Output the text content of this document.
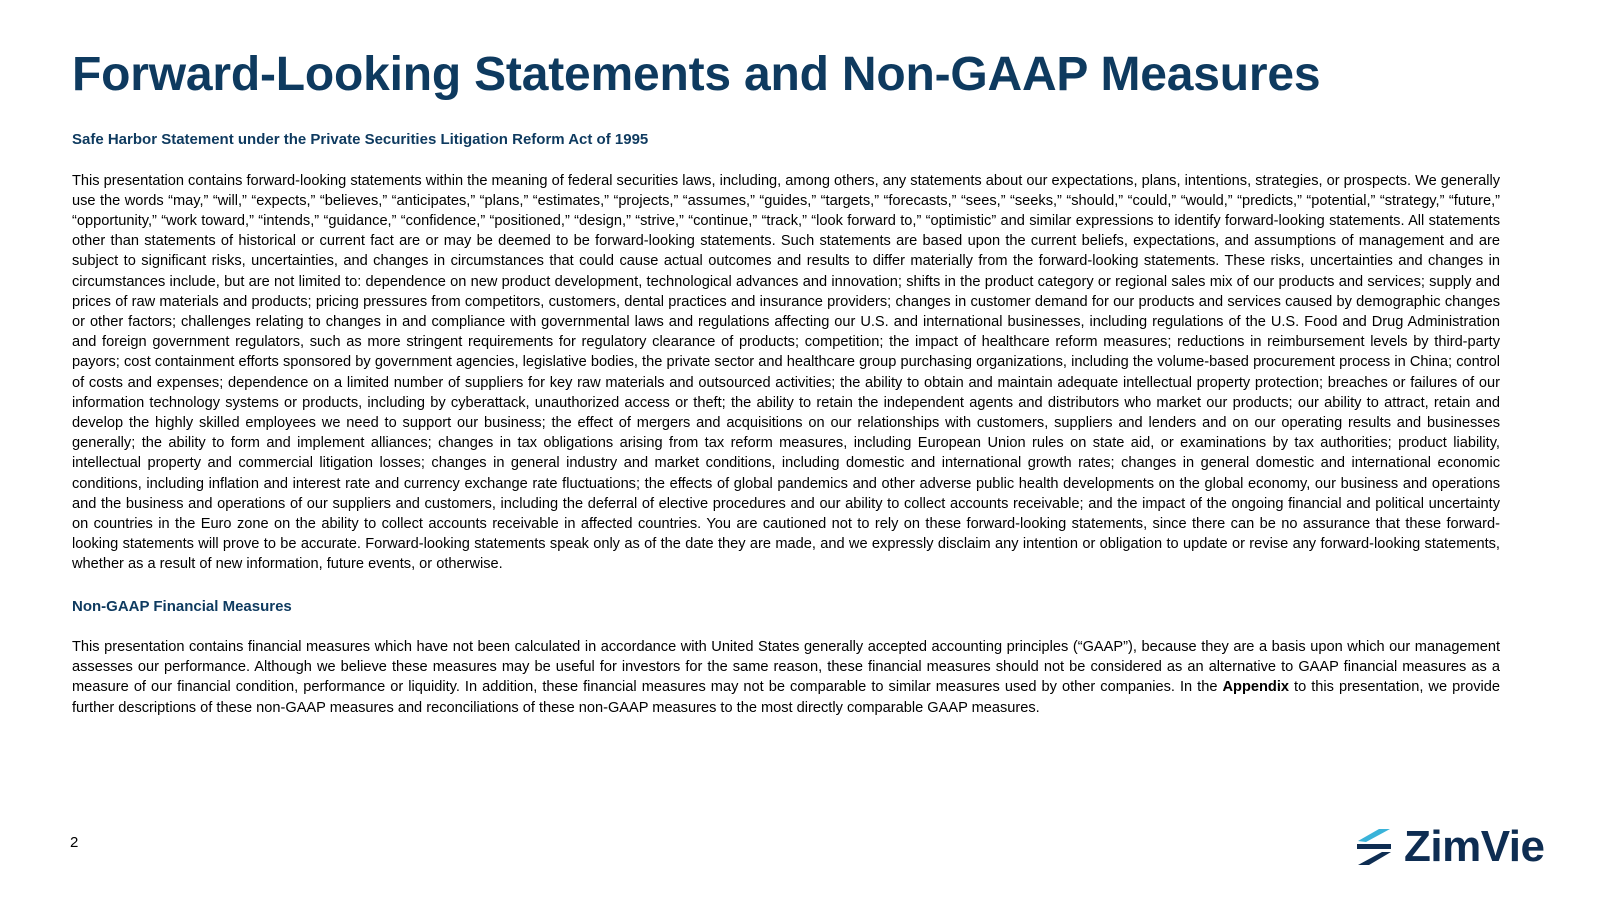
Forward-Looking Statements and Non-GAAP Measures
Safe Harbor Statement under the Private Securities Litigation Reform Act of 1995

This presentation contains forward-looking statements within the meaning of federal securities laws, including, among others, any statements about our expectations, plans, intentions, strategies, or prospects. We generally use the words “may,” “will,” “expects,” “believes,” “anticipates,” “plans,” “estimates,” “projects,” “assumes,” “guides,” “targets,” “forecasts,” “sees,” “seeks,” “should,” “could,” “would,” “predicts,” “potential,” “strategy,” “future,” “opportunity,” “work toward,” “intends,” “guidance,” “confidence,” “positioned,” “design,” “strive,” “continue,” “track,” “look forward to,” “optimistic” and similar expressions to identify forward-looking statements. All statements other than statements of historical or current fact are or may be deemed to be forward-looking statements. Such statements are based upon the current beliefs, expectations, and assumptions of management and are subject to significant risks, uncertainties, and changes in circumstances that could cause actual outcomes and results to differ materially from the forward-looking statements. These risks, uncertainties and changes in circumstances include, but are not limited to: dependence on new product development, technological advances and innovation; shifts in the product category or regional sales mix of our products and services; supply and prices of raw materials and products; pricing pressures from competitors, customers, dental practices and insurance providers; changes in customer demand for our products and services caused by demographic changes or other factors; challenges relating to changes in and compliance with governmental laws and regulations affecting our U.S. and international businesses, including regulations of the U.S. Food and Drug Administration and foreign government regulators, such as more stringent requirements for regulatory clearance of products; competition; the impact of healthcare reform measures; reductions in reimbursement levels by third-party payors; cost containment efforts sponsored by government agencies, legislative bodies, the private sector and healthcare group purchasing organizations, including the volume-based procurement process in China; control of costs and expenses; dependence on a limited number of suppliers for key raw materials and outsourced activities; the ability to obtain and maintain adequate intellectual property protection; breaches or failures of our information technology systems or products, including by cyberattack, unauthorized access or theft; the ability to retain the independent agents and distributors who market our products; our ability to attract, retain and develop the highly skilled employees we need to support our business; the effect of mergers and acquisitions on our relationships with customers, suppliers and lenders and on our operating results and businesses generally; the ability to form and implement alliances; changes in tax obligations arising from tax reform measures, including European Union rules on state aid, or examinations by tax authorities; product liability, intellectual property and commercial litigation losses; changes in general industry and market conditions, including domestic and international growth rates; changes in general domestic and international economic conditions, including inflation and interest rate and currency exchange rate fluctuations; the effects of global pandemics and other adverse public health developments on the global economy, our business and operations and the business and operations of our suppliers and customers, including the deferral of elective procedures and our ability to collect accounts receivable; and the impact of the ongoing financial and political uncertainty on countries in the Euro zone on the ability to collect accounts receivable in affected countries. You are cautioned not to rely on these forward-looking statements, since there can be no assurance that these forward-looking statements will prove to be accurate. Forward-looking statements speak only as of the date they are made, and we expressly disclaim any intention or obligation to update or revise any forward-looking statements, whether as a result of new information, future events, or otherwise.

Non-GAAP Financial Measures

This presentation contains financial measures which have not been calculated in accordance with United States generally accepted accounting principles (“GAAP”), because they are a basis upon which our management assesses our performance. Although we believe these measures may be useful for investors for the same reason, these financial measures should not be considered as an alternative to GAAP financial measures as a measure of our financial condition, performance or liquidity. In addition, these financial measures may not be comparable to similar measures used by other companies. In the Appendix to this presentation, we provide further descriptions of these non-GAAP measures and reconciliations of these non-GAAP measures to the most directly comparable GAAP measures.

2	ZimVie
